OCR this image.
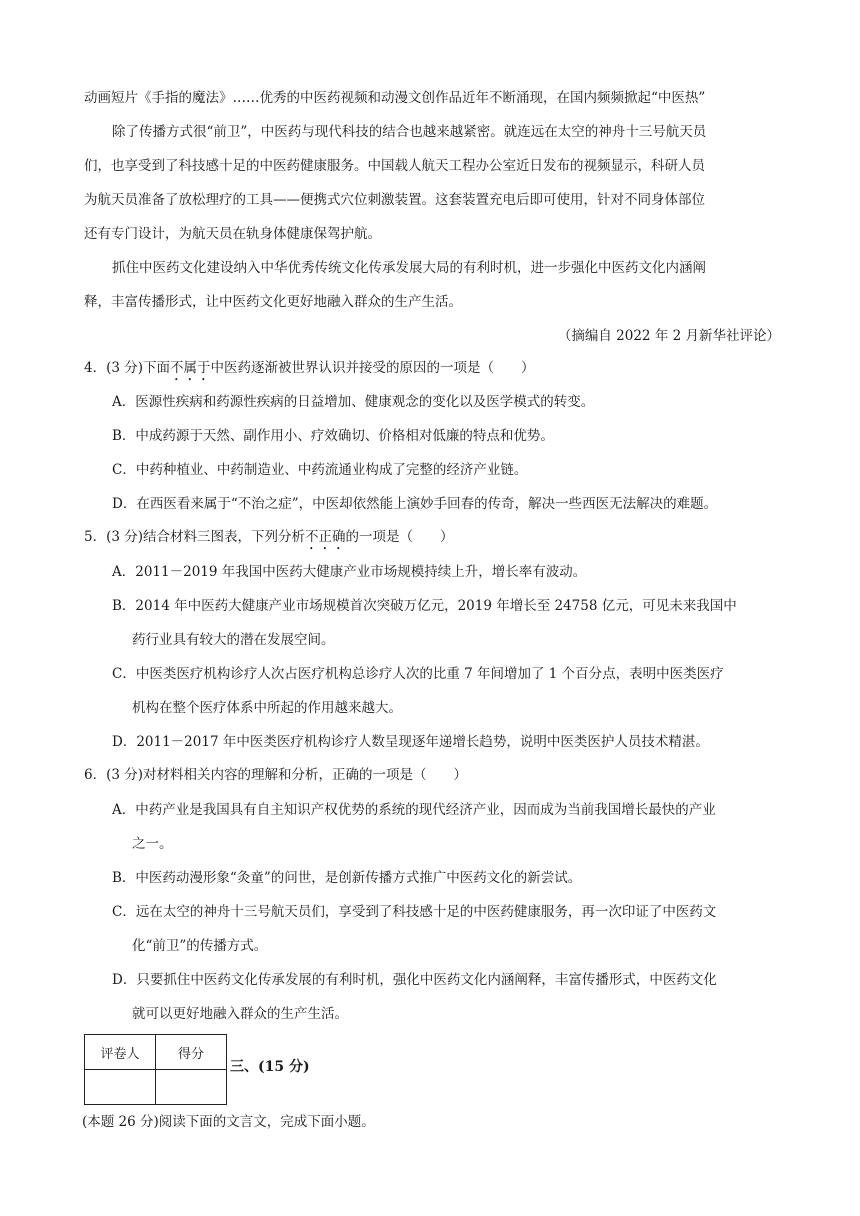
动画短片《手指的魔法》……优秀的中医药视频和动漫文创作品近年不断涌现，在国内频频掀起“中医热”
除了传播方式很“前卫”，中医药与现代科技的结合也越来越紧密。就连远在太空的神舟十三号航天员
们，也享受到了科技感十足的中医药健康服务。中国载人航天工程办公室近日发布的视频显示，科研人员
为航天员准备了放松理疗的工具——便携式穴位刺激装置。这套装置充电后即可使用，针对不同身体部位
还有专门设计，为航天员在轨身体健康保驾护航。
抓住中医药文化建设纳入中华优秀传统文化传承发展大局的有利时机，进一步强化中医药文化内涵阐
释，丰富传播形式，让中医药文化更好地融入群众的生产生活。
（摘编自 2022 年 2 月新华社评论）
4．(3 分)下面不属于中医药逐渐被世界认识并接受的原因的一项是（　　）
A．医源性疾病和药源性疾病的日益增加、健康观念的变化以及医学模式的转变。
B．中成药源于天然、副作用小、疗效确切、价格相对低廉的特点和优势。
C．中药种植业、中药制造业、中药流通业构成了完整的经济产业链。
D．在西医看来属于“不治之症”，中医却依然能上演妙手回春的传奇，解决一些西医无法解决的难题。
5．(3 分)结合材料三图表，下列分析不正确的一项是（　　）
A．2011－2019 年我国中医药大健康产业市场规模持续上升，增长率有波动。
B．2014 年中医药大健康产业市场规模首次突破万亿元，2019 年增长至 24758 亿元，可见未来我国中
药行业具有较大的潜在发展空间。
C．中医类医疗机构诊疗人次占医疗机构总诊疗人次的比重 7 年间增加了 1 个百分点，表明中医类医疗
机构在整个医疗体系中所起的作用越来越大。
D．2011－2017 年中医类医疗机构诊疗人数呈现逐年递增长趋势，说明中医类医护人员技术精湛。
6．(3 分)对材料相关内容的理解和分析，正确的一项是（　　）
A．中药产业是我国具有自主知识产权优势的系统的现代经济产业，因而成为当前我国增长最快的产业
之一。
B．中医药动漫形象“灸童”的问世，是创新传播方式推广中医药文化的新尝试。
C．远在太空的神舟十三号航天员们，享受到了科技感十足的中医药健康服务，再一次印证了中医药文
化“前卫”的传播方式。
D．只要抓住中医药文化传承发展的有利时机，强化中医药文化内涵阐释，丰富传播形式，中医药文化
就可以更好地融入群众的生产生活。
评卷人	得分

三、(15 分)
(本题 26 分)阅读下面的文言文，完成下面小题。
